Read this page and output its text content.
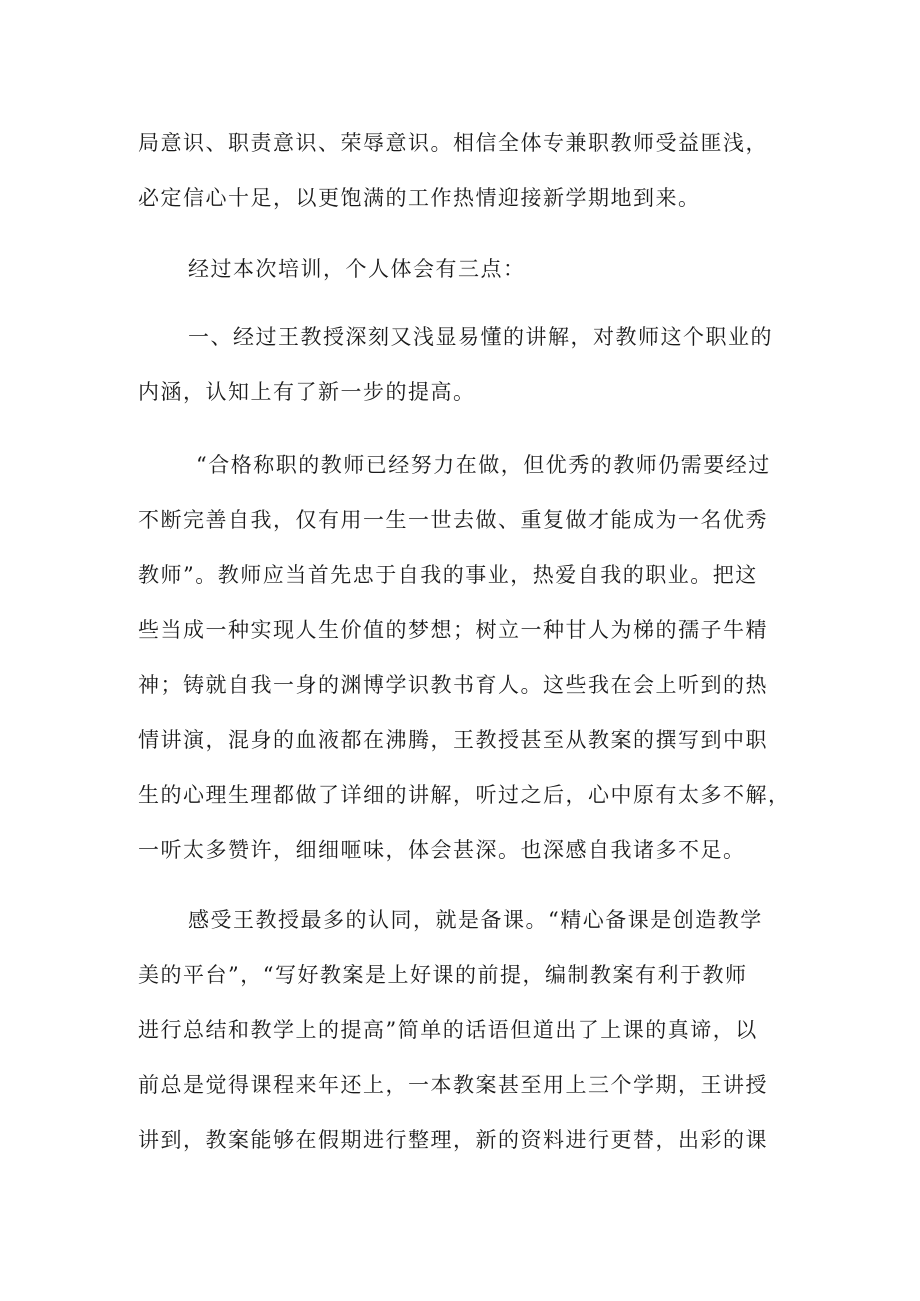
局意识、职责意识、荣辱意识。相信全体专兼职教师受益匪浅，
必定信心十足，以更饱满的工作热情迎接新学期地到来。
经过本次培训，个人体会有三点：
一、经过王教授深刻又浅显易懂的讲解，对教师这个职业的
内涵，认知上有了新一步的提高。
“合格称职的教师已经努力在做，但优秀的教师仍需要经过
不断完善自我，仅有用一生一世去做、重复做才能成为一名优秀
教师”。教师应当首先忠于自我的事业，热爱自我的职业。把这
些当成一种实现人生价值的梦想；树立一种甘人为梯的孺子牛精
神；铸就自我一身的渊博学识教书育人。这些我在会上听到的热
情讲演，混身的血液都在沸腾，王教授甚至从教案的撰写到中职
生的心理生理都做了详细的讲解，听过之后，心中原有太多不解，
一听太多赞许，细细咂味，体会甚深。也深感自我诸多不足。
感受王教授最多的认同，就是备课。“精心备课是创造教学
美的平台”，“写好教案是上好课的前提，编制教案有利于教师
进行总结和教学上的提高”简单的话语但道出了上课的真谛，以
前总是觉得课程来年还上，一本教案甚至用上三个学期，王讲授
讲到，教案能够在假期进行整理，新的资料进行更替，出彩的课
